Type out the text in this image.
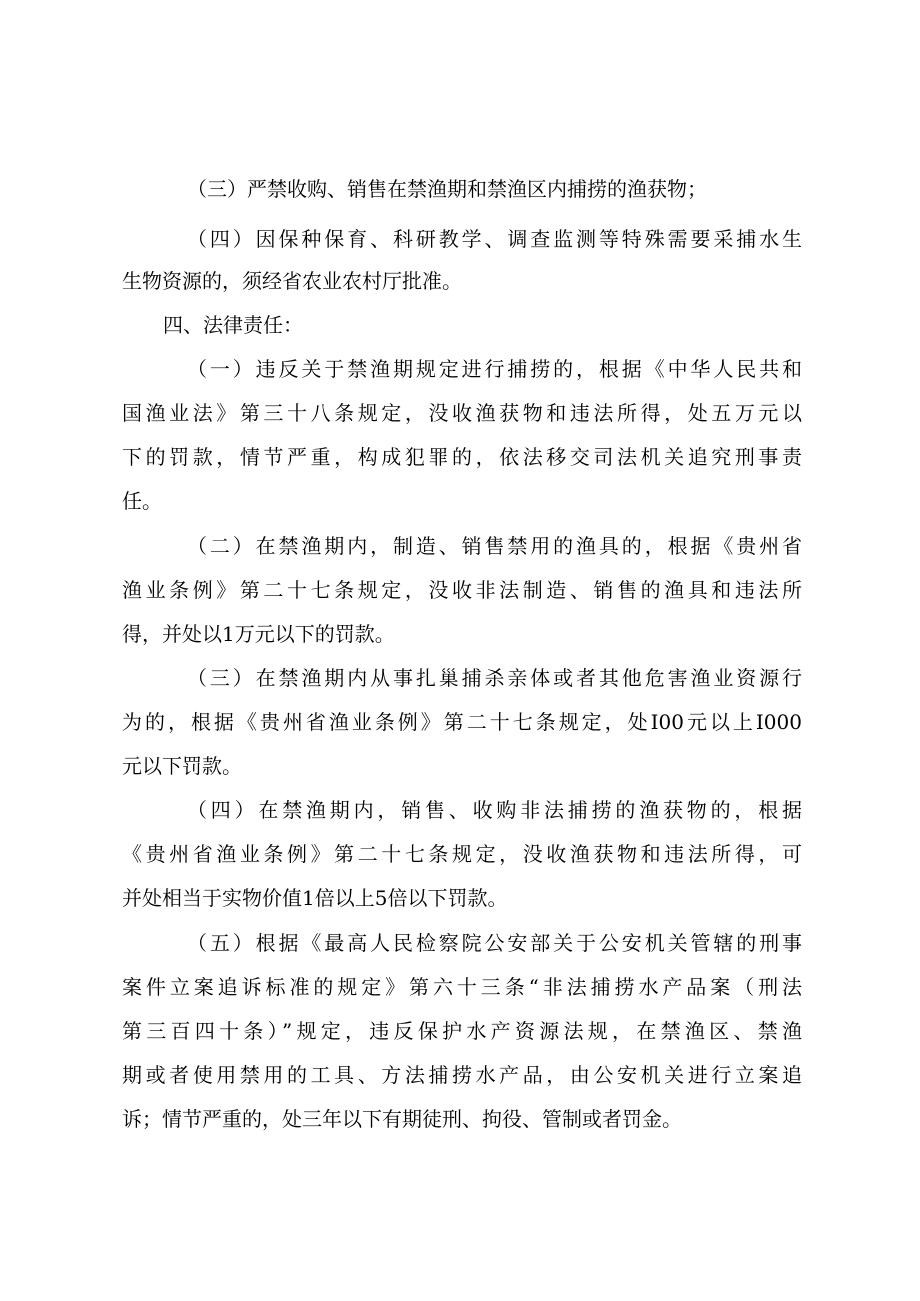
（三）严禁收购、销售在禁渔期和禁渔区内捕捞的渔获物；

（四）因保种保育、科研教学、调查监测等特殊需要采捕水生

生物资源的，须经省农业农村厅批准。

四、法律责任：

（一）违反关于禁渔期规定进行捕捞的，根据《中华人民共和

国渔业法》第三十八条规定，没收渔获物和违法所得，处五万元以

下的罚款，情节严重，构成犯罪的，依法移交司法机关追究刑事责

任。

（二）在禁渔期内，制造、销售禁用的渔具的，根据《贵州省

渔业条例》第二十七条规定，没收非法制造、销售的渔具和违法所

得，并处以1万元以下的罚款。

（三）在禁渔期内从事扎巢捕杀亲体或者其他危害渔业资源行

为的，根据《贵州省渔业条例》第二十七条规定，处I00元以上I000

元以下罚款。

（四）在禁渔期内，销售、收购非法捕捞的渔获物的，根据

《贵州省渔业条例》第二十七条规定，没收渔获物和违法所得，可

并处相当于实物价值1倍以上5倍以下罚款。

（五）根据《最高人民检察院公安部关于公安机关管辖的刑事

案件立案追诉标准的规定》第六十三条“非法捕捞水产品案（刑法

第三百四十条）”规定，违反保护水产资源法规，在禁渔区、禁渔

期或者使用禁用的工具、方法捕捞水产品，由公安机关进行立案追

诉；情节严重的，处三年以下有期徒刑、拘役、管制或者罚金。
